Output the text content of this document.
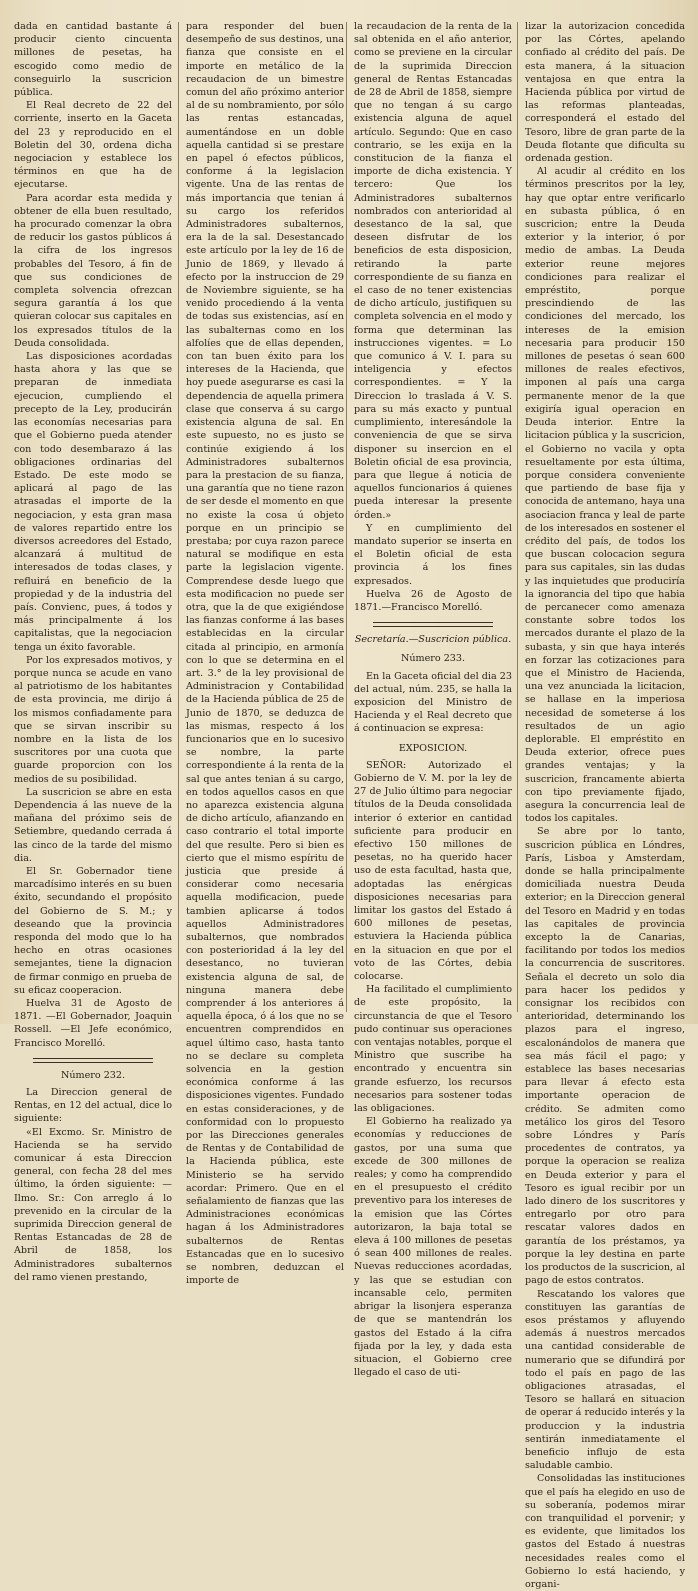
dada en cantidad bastante á producir ciento cincuenta millones de pesetas, ha escogido como medio de conseguirlo la suscricion pública.

El Real decreto de 22 del corriente, inserto en la Gaceta del 23 y reproducido en el Boletin del 30, ordena dicha negociacion y establece los términos en que ha de ejecutarse.

Para acordar esta medida y obtener de ella buen resultado, ha procurado comenzar la obra de reducir los gastos públicos á la cifra de los ingresos probables del Tesoro, á fin de que sus condiciones de completa solvencia ofrezcan segura garantía á los que quieran colocar sus capitales en los expresados títulos de la Deuda consolidada.

Las disposiciones acordadas hasta ahora y las que se preparan de inmediata ejecucion, cumpliendo el precepto de la Ley, producirán las economías necesarias para que el Gobierno pueda atender con todo desembarazo á las obligaciones ordinarias del Estado. De este modo se aplicará al pago de las atrasadas el importe de la negociacion, y esta gran masa de valores repartido entre los diversos acreedores del Estado, alcanzará á multitud de interesados de todas clases, y refluirá en beneficio de la propiedad y de la industria del país. Convienc, pues, á todos y más principalmente á los capitalistas, que la negociacion tenga un éxito favorable.

Por los expresados motivos, y porque nunca se acude en vano al patriotismo de los habitantes de esta provincia, me dirijo á los mismos confiadamente para que se sirvan inscribir su nombre en la lista de los suscritores por una cuota que guarde proporcion con los medios de su posibilidad.

La suscricion se abre en esta Dependencia á las nueve de la mañana del próximo seis de Setiembre, quedando cerrada á las cinco de la tarde del mismo dia.

El Sr. Gobernador tiene marcadísimo interés en su buen éxito, secundando el propósito del Gobierno de S. M.; y deseando que la provincia responda del modo que lo ha hecho en otras ocasiones semejantes, tiene la dignacion de firmar conmigo en prueba de su eficaz cooperacion.

Huelva 31 de Agosto de 1871. —El Gobernador, Joaquin Rossell. —El Jefe económico, Francisco Morelló.

Número 232.

La Direccion general de Rentas, en 12 del actual, dice lo siguiente:

«El Excmo. Sr. Ministro de Hacienda se ha servido comunicar á esta Direccion general, con fecha 28 del mes último, la órden siguiente: —Ilmo. Sr.: Con arreglo á lo prevenido en la circular de la suprimida Direccion general de Rentas Estancadas de 28 de Abril de 1858, los Administradores subalternos del ramo vienen prestando,

para responder del buen desempeño de sus destinos, una fianza que consiste en el importe en metálico de la recaudacion de un bimestre comun del año próximo anterior al de su nombramiento, por sólo las rentas estancadas, aumentándose en un doble aquella cantidad si se prestare en papel ó efectos públicos, conforme á la legislacion vigente. Una de las rentas de más importancia que tenian á su cargo los referidos Administradores subalternos, era la de la sal. Desestancado este artículo por la ley de 16 de Junio de 1869, y llevado á efecto por la instruccion de 29 de Noviembre siguiente, se ha venido procediendo á la venta de todas sus existencias, así en las subalternas como en los alfolíes que de ellas dependen, con tan buen éxito para los intereses de la Hacienda, que hoy puede asegurarse es casi la dependencia de aquella primera clase que conserva á su cargo existencia alguna de sal. En este supuesto, no es justo se continúe exigiendo á los Administradores subalternos para la prestacion de su fianza, una garantía que no tiene razon de ser desde el momento en que no existe la cosa ú objeto porque en un principio se prestaba; por cuya razon parece natural se modifique en esta parte la legislacion vigente. Comprendese desde luego que esta modificacion no puede ser otra, que la de que exigiéndose las fianzas conforme á las bases establecidas en la circular citada al principio, en armonía con lo que se determina en el art. 3.° de la ley provisional de Administracion y Contabilidad de la Hacienda pública de 25 de Junio de 1870, se deduzca de las mismas, respecto á los funcionarios que en lo sucesivo se nombre, la parte correspondiente á la renta de la sal que antes tenian á su cargo, en todos aquellos casos en que no aparezca existencia alguna de dicho artículo, afianzando en caso contrario el total importe del que resulte. Pero si bien es cierto que el mismo espíritu de justicia que preside á considerar como necesaria aquella modificacion, puede tambien aplicarse á todos aquellos Administradores subalternos, que nombrados con posterioridad á la ley del desestanco, no tuvieran existencia alguna de sal, de ninguna manera debe comprender á los anteriores á aquella época, ó á los que no se encuentren comprendidos en aquel último caso, hasta tanto no se declare su completa solvencia en la gestion económica conforme á las disposiciones vigentes. Fundado en estas consideraciones, y de conformidad con lo propuesto por las Direcciones generales de Rentas y de Contabilidad de la Hacienda pública, este Ministerio se ha servido acordar: Primero. Que en el señalamiento de fianzas que las Administraciones económicas hagan á los Administradores subalternos de Rentas Estancadas que en lo sucesivo se nombren, deduzcan el importe de

la recaudacion de la renta de la sal obtenida en el año anterior, como se previene en la circular de la suprimida Direccion general de Rentas Estancadas de 28 de Abril de 1858, siempre que no tengan á su cargo existencia alguna de aquel artículo. Segundo: Que en caso contrario, se les exija en la constitucion de la fianza el importe de dicha existencia. Y tercero: Que los Administradores subalternos nombrados con anterioridad al desestanco de la sal, que deseen disfrutar de los beneficios de esta disposicion, retirando la parte correspondiente de su fianza en el caso de no tener existencias de dicho artículo, justifiquen su completa solvencia en el modo y forma que determinan las instrucciones vigentes. = Lo que comunico á V. I. para su inteligencia y efectos correspondientes. = Y la Direccion lo traslada á V. S. para su más exacto y puntual cumplimiento, interesándole la conveniencia de que se sirva disponer su insercion en el Boletin oficial de esa provincia, para que llegue á noticia de aquellos funcionarios á quienes pueda interesar la presente órden.»

Y en cumplimiento del mandato superior se inserta en el Boletin oficial de esta provincia á los fines expresados.

Huelva 26 de Agosto de 1871.—Francisco Morelló.

Secretaría.—Suscricion pública.

Número 233.

En la Gaceta oficial del dia 23 del actual, núm. 235, se halla la exposicion del Ministro de Hacienda y el Real decreto que á continuacion se expresa:

EXPOSICION.

SEÑOR: Autorizado el Gobierno de V. M. por la ley de 27 de Julio último para negociar títulos de la Deuda consolidada interior ó exterior en cantidad suficiente para producir en efectivo 150 millones de pesetas, no ha querido hacer uso de esta facultad, hasta que, adoptadas las enérgicas disposiciones necesarias para limitar los gastos del Estado á 600 millones de pesetas, estuviera la Hacienda pública en la situacion en que por el voto de las Córtes, debia colocarse.

Ha facilitado el cumplimiento de este propósito, la circunstancia de que el Tesoro pudo continuar sus operaciones con ventajas notables, porque el Ministro que suscribe ha encontrado y encuentra sin grande esfuerzo, los recursos necesarios para sostener todas las obligaciones.

El Gobierno ha realizado ya economías y reducciones de gastos, por una suma que excede de 300 millones de reales; y como ha comprendido en el presupuesto el crédito preventivo para los intereses de la emision que las Córtes autorizaron, la baja total se eleva á 100 millones de pesetas ó sean 400 millones de reales. Nuevas reducciones acordadas, y las que se estudian con incansable celo, permiten abrigar la lisonjera esperanza de que se mantendrán los gastos del Estado á la cifra fijada por la ley, y dada esta situacion, el Gobierno cree llegado el caso de uti-

lizar la autorizacion concedida por las Córtes, apelando confiado al crédito del país. De esta manera, á la situacion ventajosa en que entra la Hacienda pública por virtud de las reformas planteadas, corresponderá el estado del Tesoro, libre de gran parte de la Deuda flotante que dificulta su ordenada gestion.

Al acudir al crédito en los términos prescritos por la ley, hay que optar entre verificarlo en subasta pública, ó en suscricion; entre la Deuda exterior y la interior, ó por medio de ambas. La Deuda exterior reune mejores condiciones para realizar el empréstito, porque prescindiendo de las condiciones del mercado, los intereses de la emision necesaria para producir 150 millones de pesetas ó sean 600 millones de reales efectivos, imponen al país una carga permanente menor de la que exigiría igual operacion en Deuda interior. Entre la licitacion pública y la suscricion, el Gobierno no vacila y opta resueltamente por esta última, porque considera conveniente que partiendo de base fija y conocida de antemano, haya una asociacion franca y leal de parte de los interesados en sostener el crédito del país, de todos los que buscan colocacion segura para sus capitales, sin las dudas y las inquietudes que produciría la ignorancia del tipo que habia de percanecer como amenaza constante sobre todos los mercados durante el plazo de la subasta, y sin que haya interés en forzar las cotizaciones para que el Ministro de Hacienda, una vez anunciada la licitacion, se hallase en la imperiosa necesidad de someterse á los resultados de un agio deplorable. El empréstito en Deuda exterior, ofrece pues grandes ventajas; y la suscricion, francamente abierta con tipo previamente fijado, asegura la concurrencia leal de todos los capitales.

Se abre por lo tanto, suscricion pública en Lóndres, París, Lisboa y Amsterdam, donde se halla principalmente domiciliada nuestra Deuda exterior; en la Direccion general del Tesoro en Madrid y en todas las capitales de provincia excepto la de Canarias, facilitando por todos los medios la concurrencia de suscritores. Señala el decreto un solo dia para hacer los pedidos y consignar los recibidos con anterioridad, determinando los plazos para el ingreso, escalonándolos de manera que sea más fácil el pago; y establece las bases necesarias para llevar á efecto esta importante operacion de crédito. Se admiten como metálico los giros del Tesoro sobre Lóndres y París procedentes de contratos, ya porque la operacion se realiza en Deuda exterior y para el Tesoro es igual recibir por un lado dinero de los suscritores y entregarlo por otro para rescatar valores dados en garantía de los préstamos, ya porque la ley destina en parte los productos de la suscricion, al pago de estos contratos.

Rescatando los valores que constituyen las garantías de esos préstamos y afluyendo además á nuestros mercados una cantidad considerable de numerario que se difundirá por todo el país en pago de las obligaciones atrasadas, el Tesoro se hallará en situacion de operar á reducido interés y la produccion y la industria sentirán inmediatamente el beneficio influjo de esta saludable cambio.

Consolidadas las instituciones que el país ha elegido en uso de su soberanía, podemos mirar con tranquilidad el porvenir; y es evidente, que limitados los gastos del Estado á nuestras necesidades reales como el Gobierno lo está haciendo, y organi-
